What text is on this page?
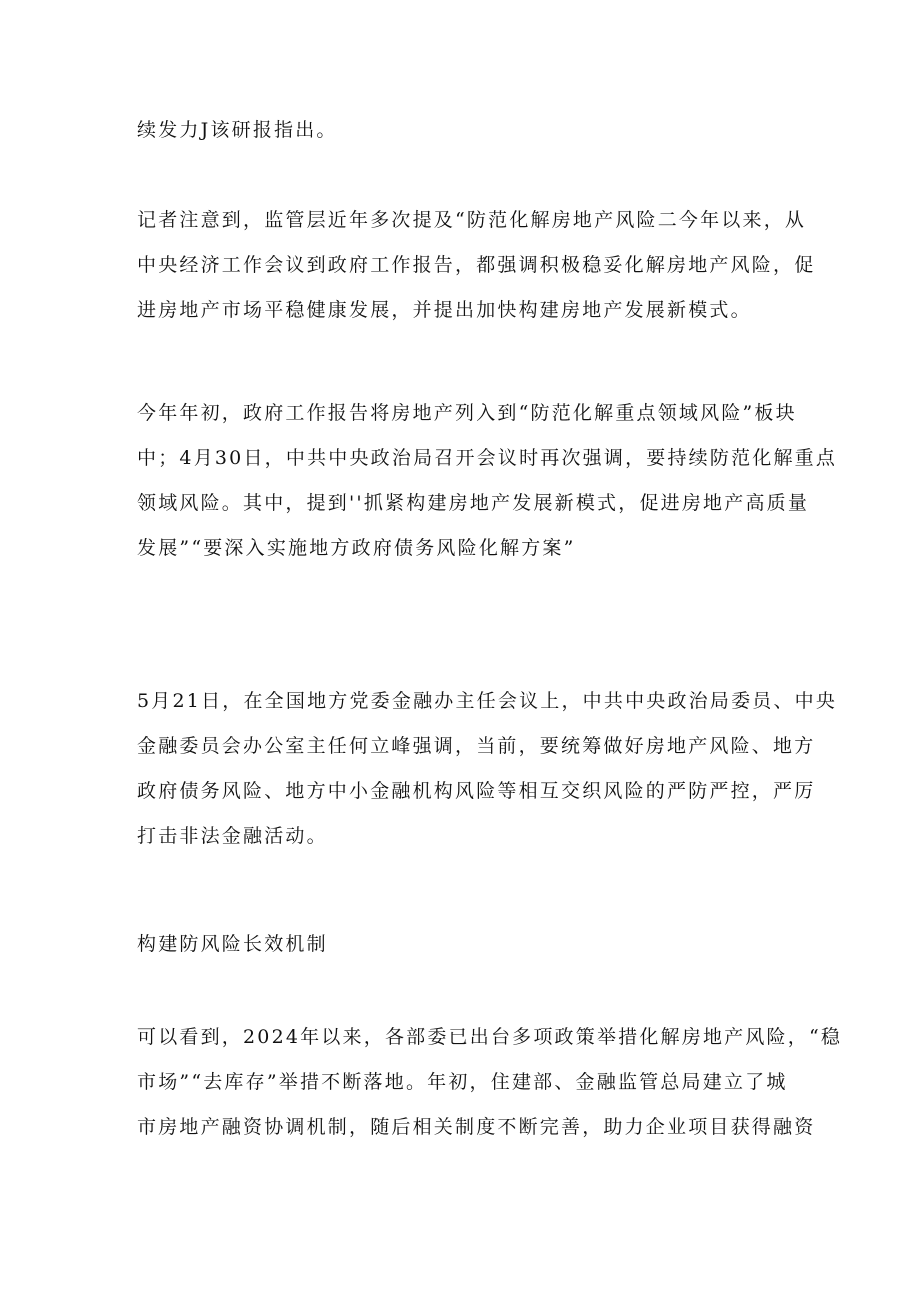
续发力J该研报指出。

记者注意到，监管层近年多次提及“防范化解房地产风险二今年以来，从
中央经济工作会议到政府工作报告，都强调积极稳妥化解房地产风险，促
进房地产市场平稳健康发展，并提出加快构建房地产发展新模式。

今年年初，政府工作报告将房地产列入到“防范化解重点领域风险”板块
中；4月30日，中共中央政治局召开会议时再次强调，要持续防范化解重点
领域风险。其中，提到''抓紧构建房地产发展新模式，促进房地产高质量
发展”“要深入实施地方政府债务风险化解方案”

5月21日，在全国地方党委金融办主任会议上，中共中央政治局委员、中央
金融委员会办公室主任何立峰强调，当前，要统筹做好房地产风险、地方
政府债务风险、地方中小金融机构风险等相互交织风险的严防严控，严厉
打击非法金融活动。

构建防风险长效机制

可以看到，2024年以来，各部委已出台多项政策举措化解房地产风险，“稳
市场”“去库存”举措不断落地。年初，住建部、金融监管总局建立了城
市房地产融资协调机制，随后相关制度不断完善，助力企业项目获得融资
